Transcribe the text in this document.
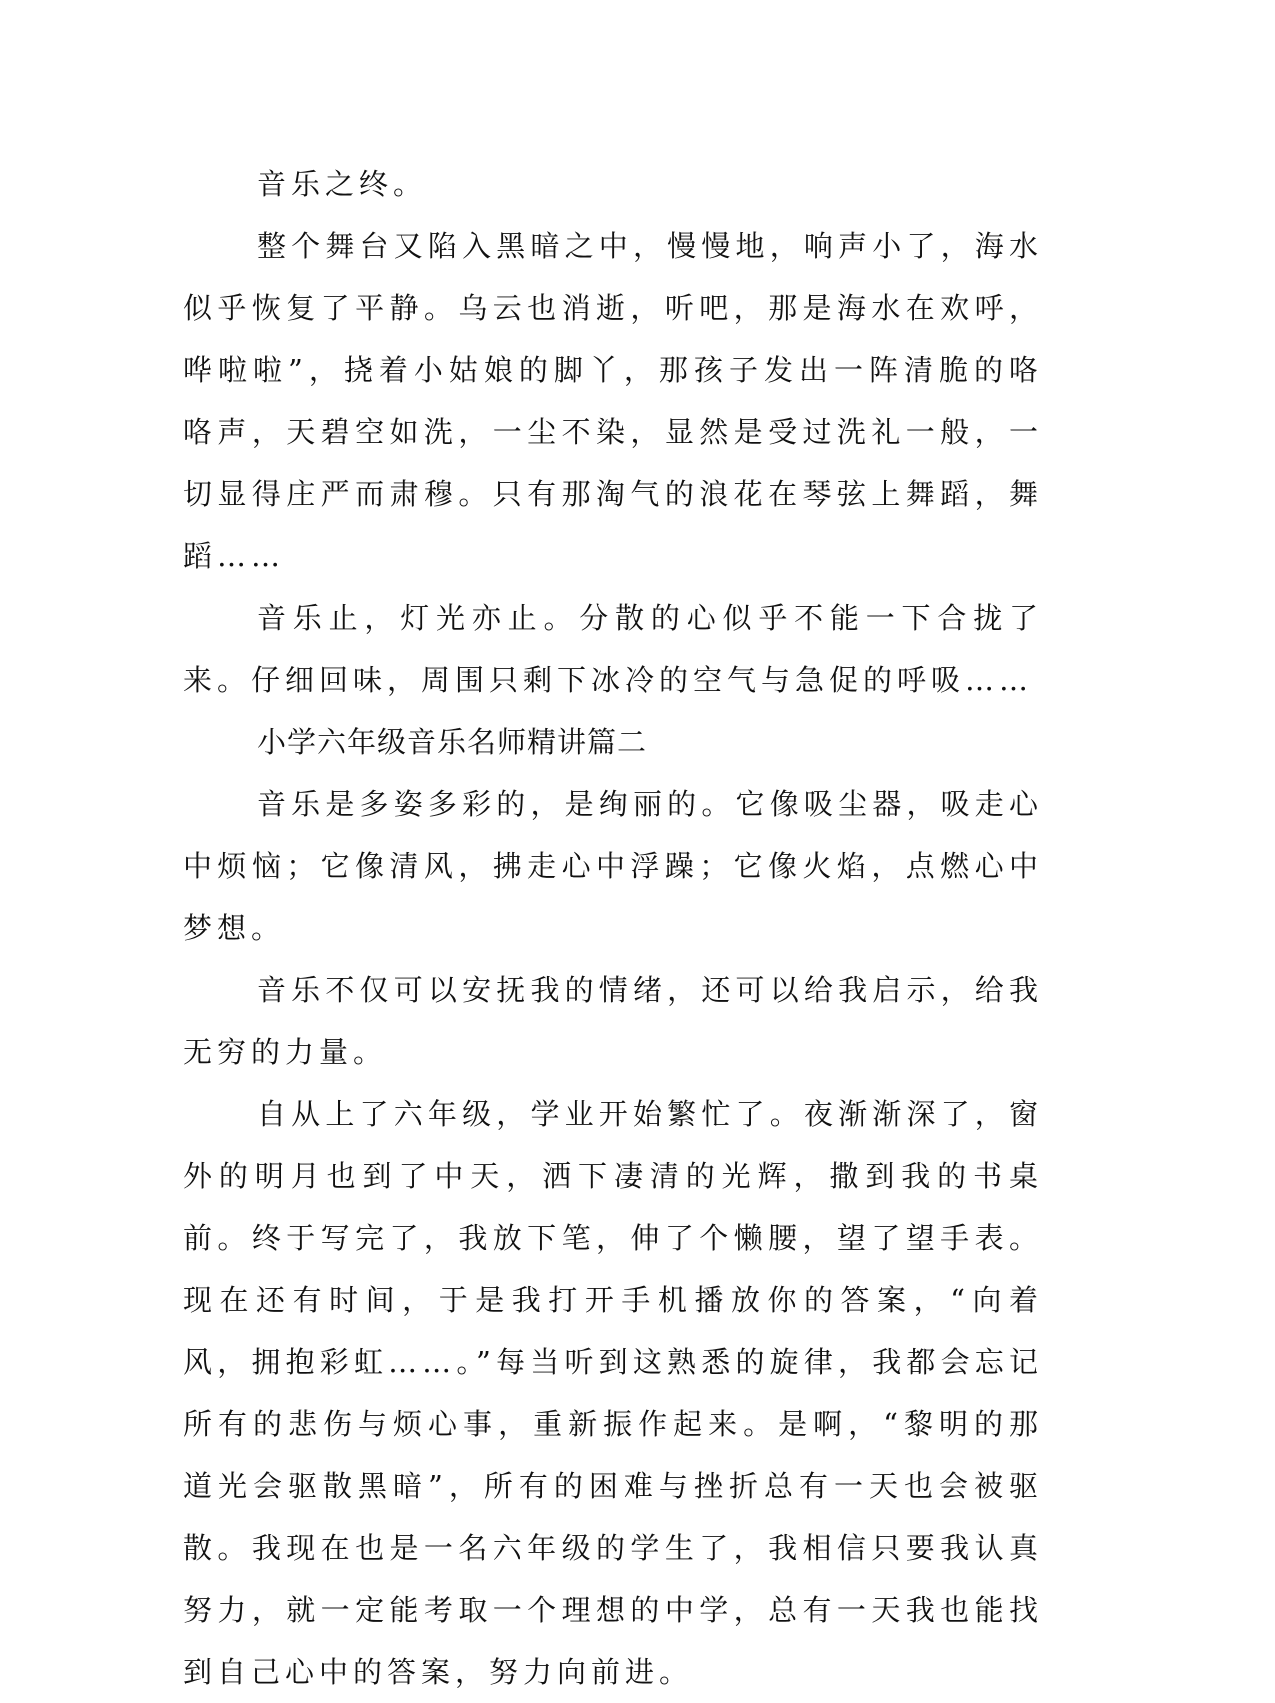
音乐之终。

整个舞台又陷入黑暗之中，慢慢地，响声小了，海水似乎恢复了平静。乌云也消逝，听吧，那是海水在欢呼，哗啦啦”，挠着小姑娘的脚丫，那孩子发出一阵清脆的咯咯声，天碧空如洗，一尘不染，显然是受过洗礼一般，一切显得庄严而肃穆。只有那淘气的浪花在琴弦上舞蹈，舞蹈……

音乐止，灯光亦止。分散的心似乎不能一下合拢了来。仔细回味，周围只剩下冰冷的空气与急促的呼吸……

小学六年级音乐名师精讲篇二

音乐是多姿多彩的，是绚丽的。它像吸尘器，吸走心中烦恼；它像清风，拂走心中浮躁；它像火焰，点燃心中梦想。

音乐不仅可以安抚我的情绪，还可以给我启示，给我无穷的力量。

自从上了六年级，学业开始繁忙了。夜渐渐深了，窗外的明月也到了中天，洒下凄清的光辉，撒到我的书桌前。终于写完了，我放下笔，伸了个懒腰，望了望手表。现在还有时间，于是我打开手机播放你的答案，“向着风，拥抱彩虹……。”每当听到这熟悉的旋律，我都会忘记所有的悲伤与烦心事，重新振作起来。是啊，“黎明的那道光会驱散黑暗”，所有的困难与挫折总有一天也会被驱散。我现在也是一名六年级的学生了，我相信只要我认真努力，就一定能考取一个理想的中学，总有一天我也能找到自己心中的答案，努力向前进。
